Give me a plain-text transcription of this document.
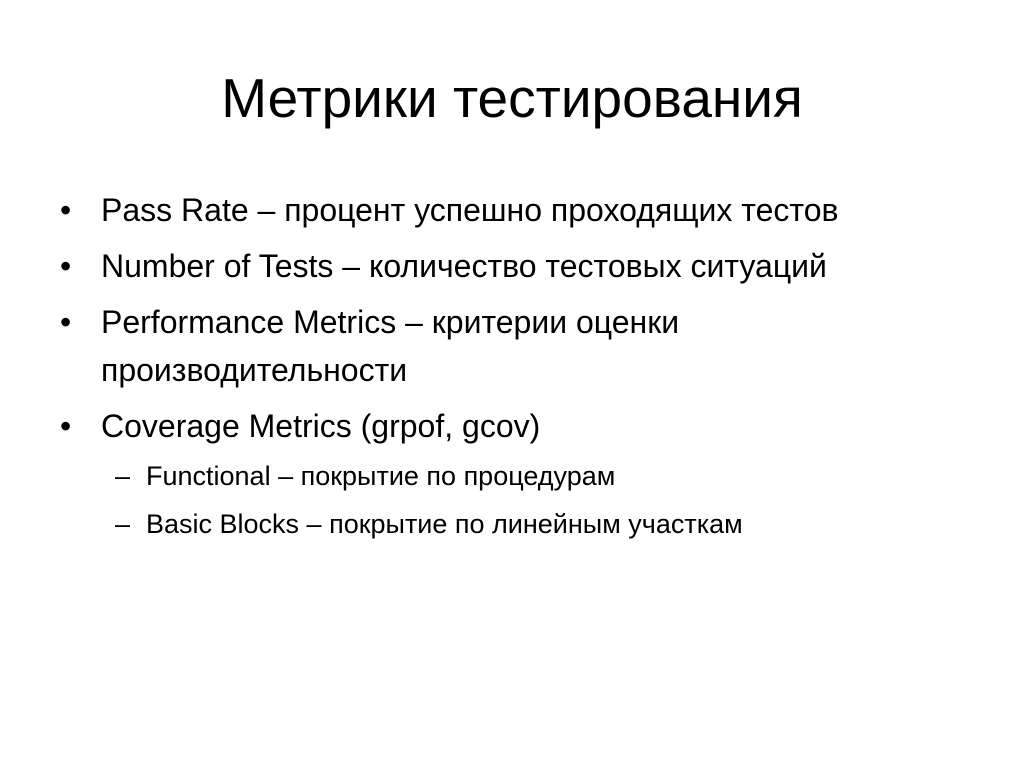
Метрики тестирования
• Pass Rate – процент успешно проходящих тестов
• Number of Tests – количество тестовых ситуаций
• Performance Metrics – критерии оценки производительности
• Coverage Metrics (grpof, gcov)
– Functional – покрытие по процедурам
– Basic Blocks – покрытие по линейным участкам
